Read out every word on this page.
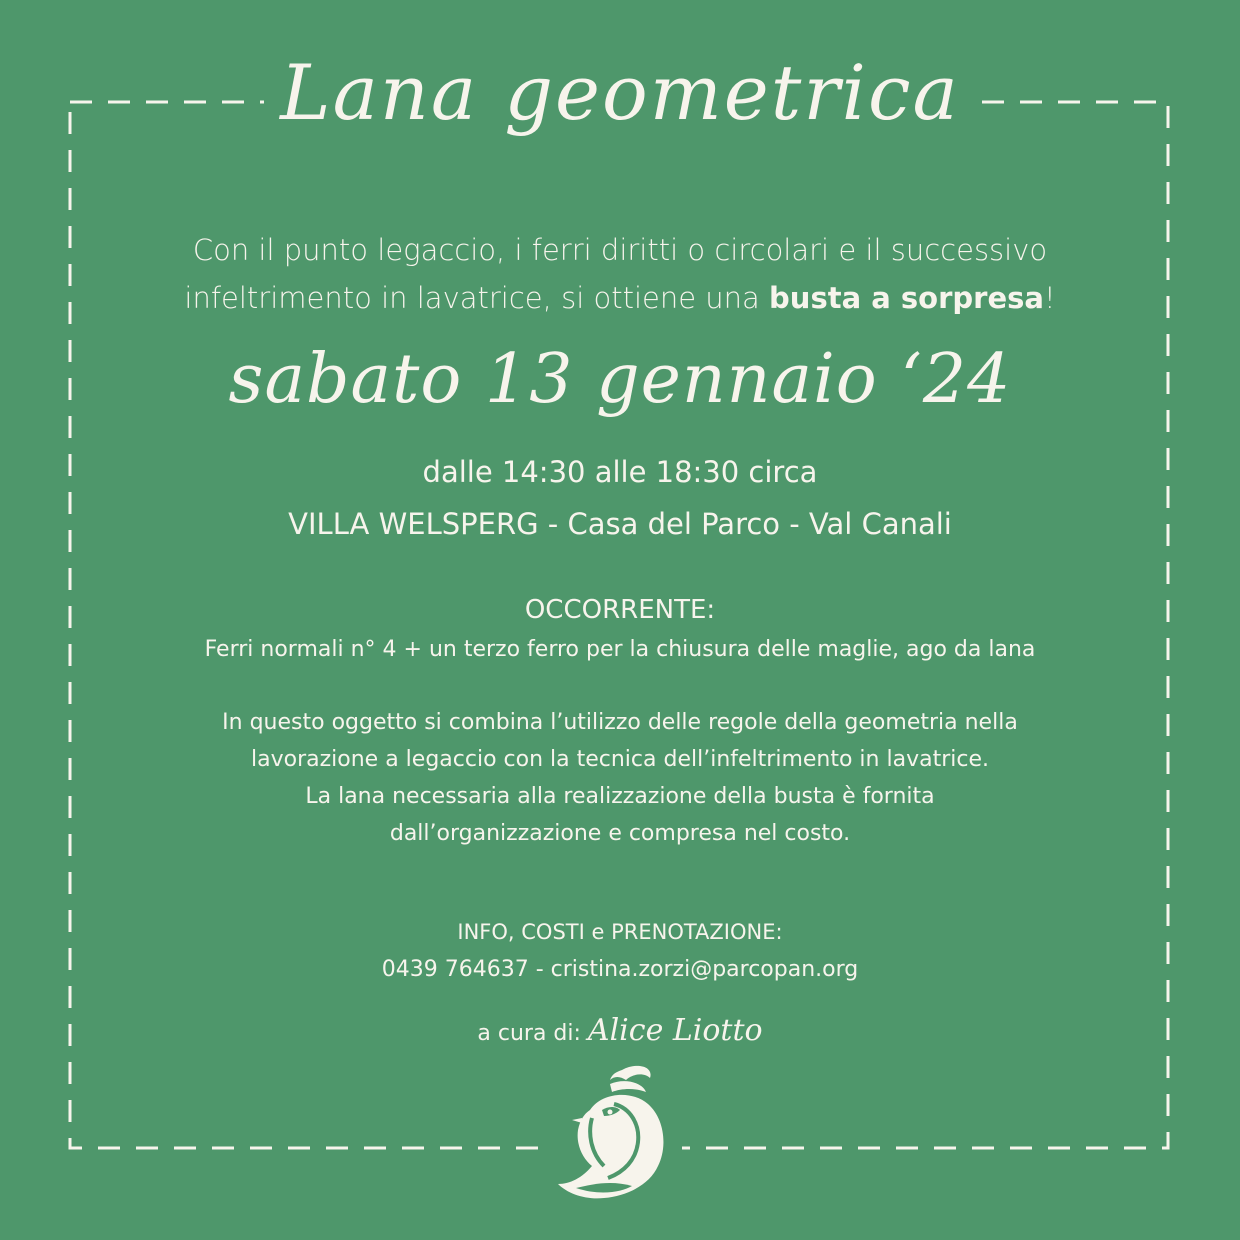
Lana geometrica
Con il punto legaccio, i ferri diritti o circolari e il successivo
infeltrimento in lavatrice, si ottiene una busta a sorpresa!
sabato 13 gennaio ‘24
dalle 14:30 alle 18:30 circa
VILLA WELSPERG - Casa del Parco - Val Canali
OCCORRENTE:
Ferri normali n° 4 + un terzo ferro per la chiusura delle maglie, ago da lana
In questo oggetto si combina l’utilizzo delle regole della geometria nella
lavorazione a legaccio con la tecnica dell’infeltrimento in lavatrice.
La lana necessaria alla realizzazione della busta è fornita
dall’organizzazione e compresa nel costo.
INFO, COSTI e PRENOTAZIONE:
0439 764637 - cristina.zorzi@parcopan.org
a cura di: Alice Liotto
